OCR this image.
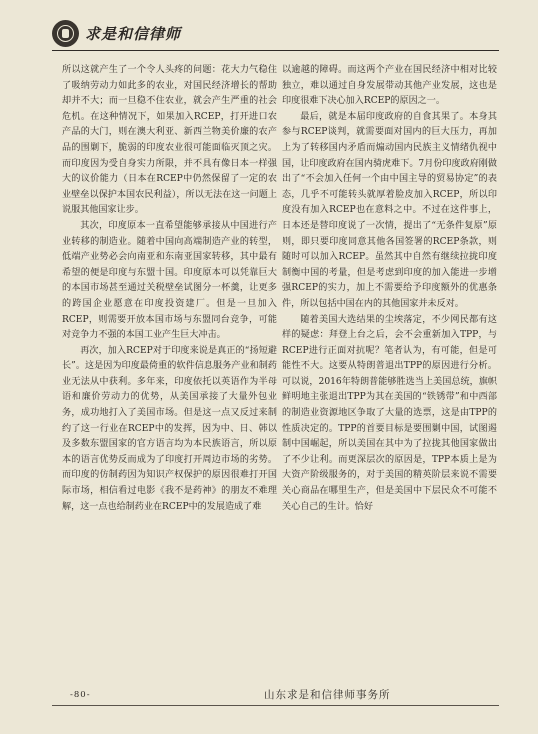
求是和信律师

所以这就产生了一个令人头疼的问题：花大力气稳住了吸纳劳动力如此多的农业，对国民经济增长的帮助却并不大；而一旦稳不住农业，就会产生严重的社会危机。在这种情况下，如果加入RCEP，打开进口农产品的大门，则在澳大利亚、新西兰物美价廉的农产品的围剿下，脆弱的印度农业很可能面临灭顶之灾。而印度因为受自身实力所限，并不具有像日本一样强大的议价能力（日本在RCEP中仍然保留了一定的农业壁垒以保护本国农民利益），所以无法在这一问题上说服其他国家让步。

其次，印度原本一直希望能够承接从中国进行产业转移的制造业。随着中国向高端制造产业的转型，低端产业势必会向南亚和东南亚国家转移，其中最有希望的便是印度与东盟十国。印度原本可以凭靠巨大的本国市场甚至通过关税壁垒试图分一杯羹，让更多的跨国企业愿意在印度投资建厂。但是一旦加入RCEP，则需要开放本国市场与东盟同台竞争，可能对竞争力不强的本国工业产生巨大冲击。

再次，加入RCEP对于印度来说是真正的“扬短避长”。这是因为印度最倚重的软件信息服务产业和制药业无法从中获利。多年来，印度依托以英语作为半母语和廉价劳动力的优势，从美国承接了大量外包业务，成功地打入了美国市场。但是这一点又反过来制约了这一行业在RCEP中的发挥，因为中、日、韩以及多数东盟国家的官方语言均为本民族语言，所以原本的语言优势反而成为了印度打开周边市场的劣势。而印度的仿制药因为知识产权保护的原因很难打开国际市场，相信看过电影《我不是药神》的朋友不难理解，这一点也给制药业在RCEP中的发展造成了难

以逾越的障碍。而这两个产业在国民经济中相对比较独立，难以通过自身发展带动其他产业发展，这也是印度很难下决心加入RCEP的原因之一。

最后，就是本届印度政府的自食其果了。本身其参与RCEP谈判，就需要面对国内的巨大压力，再加上为了转移国内矛盾而煽动国内民族主义情绪仇视中国，让印度政府在国内骑虎难下。7月份印度政府刚做出了“不会加入任何一个由中国主导的贸易协定”的表态，几乎不可能转头就厚着脸皮加入RCEP，所以印度没有加入RCEP也在意料之中。不过在这件事上，日本还是替印度说了一次情，提出了“无条件复原”原则，即只要印度同意其他各国签署的RCEP条款，则随时可以加入RCEP。虽然其中自然有继续拉拢印度制衡中国的考量，但是考虑到印度的加入能进一步增强RCEP的实力，加上不需要给予印度额外的优惠条件，所以包括中国在内的其他国家并未反对。

随着美国大选结果的尘埃落定，不少网民都有这样的疑虑：拜登上台之后，会不会重新加入TPP，与RCEP进行正面对抗呢？笔者认为，有可能，但是可能性不大。这要从特朗普退出TPP的原因进行分析。可以说，2016年特朗普能够胜选当上美国总统，旗帜鲜明地主张退出TPP为其在美国的“铁锈带”和中西部的制造业资源地区争取了大量的选票，这是由TPP的性质决定的。TPP的首要目标是要围剿中国，试图遏制中国崛起，所以美国在其中为了拉拢其他国家做出了不少让利。而更深层次的原因是，TPP本质上是为大资产阶级服务的，对于美国的精英阶层来说不需要关心商品在哪里生产，但是美国中下层民众不可能不关心自己的生计。恰好

-80-	山东求是和信律师事务所
